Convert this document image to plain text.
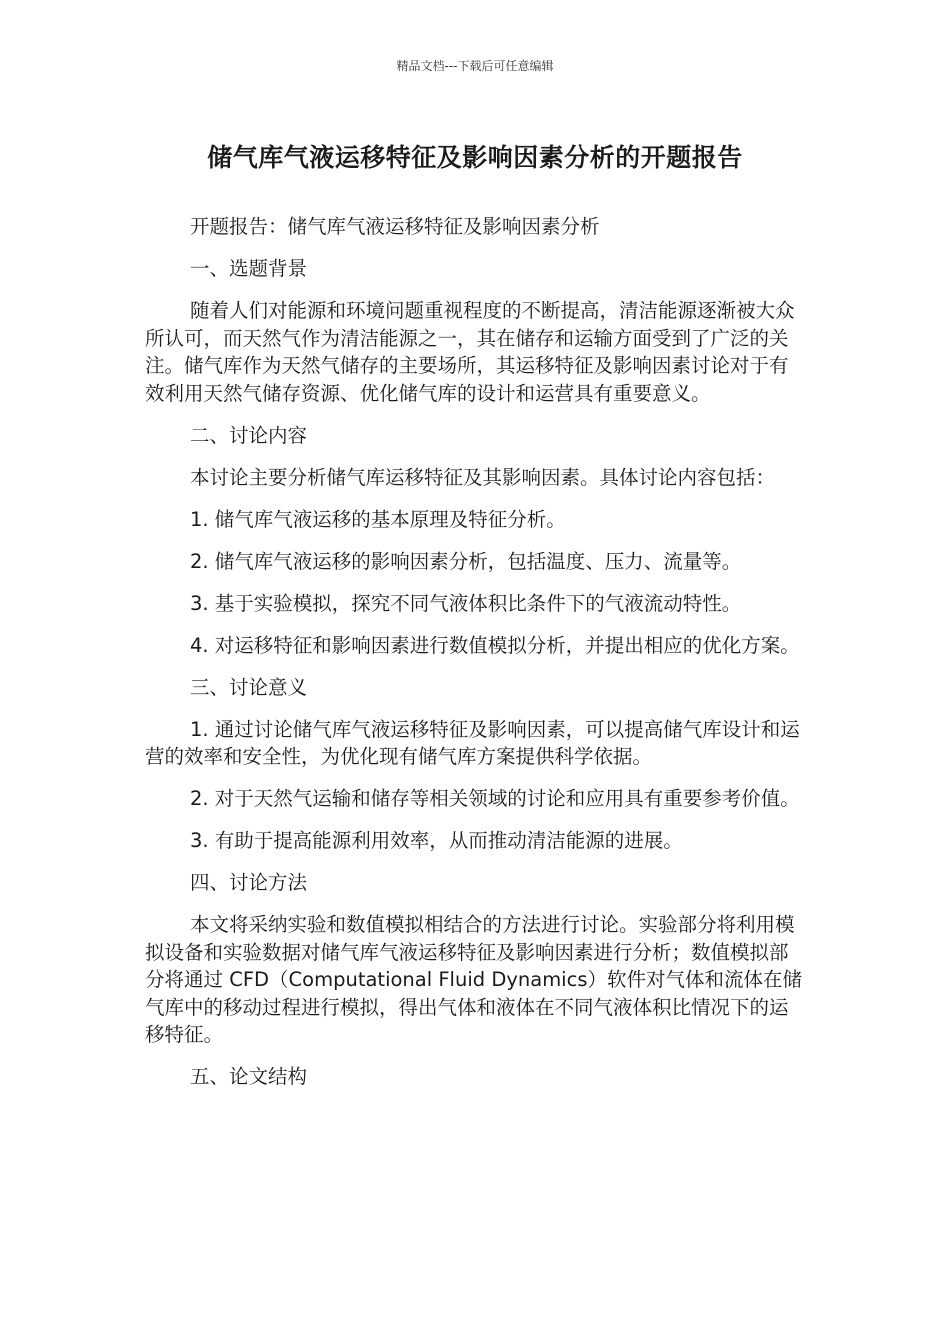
精品文档---下载后可任意编辑
储气库气液运移特征及影响因素分析的开题报告

开题报告：储气库气液运移特征及影响因素分析

一、选题背景

随着人们对能源和环境问题重视程度的不断提高，清洁能源逐渐被大众所认可，而天然气作为清洁能源之一，其在储存和运输方面受到了广泛的关注。储气库作为天然气储存的主要场所，其运移特征及影响因素讨论对于有效利用天然气储存资源、优化储气库的设计和运营具有重要意义。

二、讨论内容

本讨论主要分析储气库运移特征及其影响因素。具体讨论内容包括：

1. 储气库气液运移的基本原理及特征分析。

2. 储气库气液运移的影响因素分析，包括温度、压力、流量等。

3. 基于实验模拟，探究不同气液体积比条件下的气液流动特性。

4. 对运移特征和影响因素进行数值模拟分析，并提出相应的优化方案。

三、讨论意义

1. 通过讨论储气库气液运移特征及影响因素，可以提高储气库设计和运营的效率和安全性，为优化现有储气库方案提供科学依据。

2. 对于天然气运输和储存等相关领域的讨论和应用具有重要参考价值。

3. 有助于提高能源利用效率，从而推动清洁能源的进展。

四、讨论方法

本文将采纳实验和数值模拟相结合的方法进行讨论。实验部分将利用模拟设备和实验数据对储气库气液运移特征及影响因素进行分析；数值模拟部分将通过 CFD（Computational Fluid Dynamics）软件对气体和流体在储气库中的移动过程进行模拟，得出气体和液体在不同气液体积比情况下的运移特征。

五、论文结构
